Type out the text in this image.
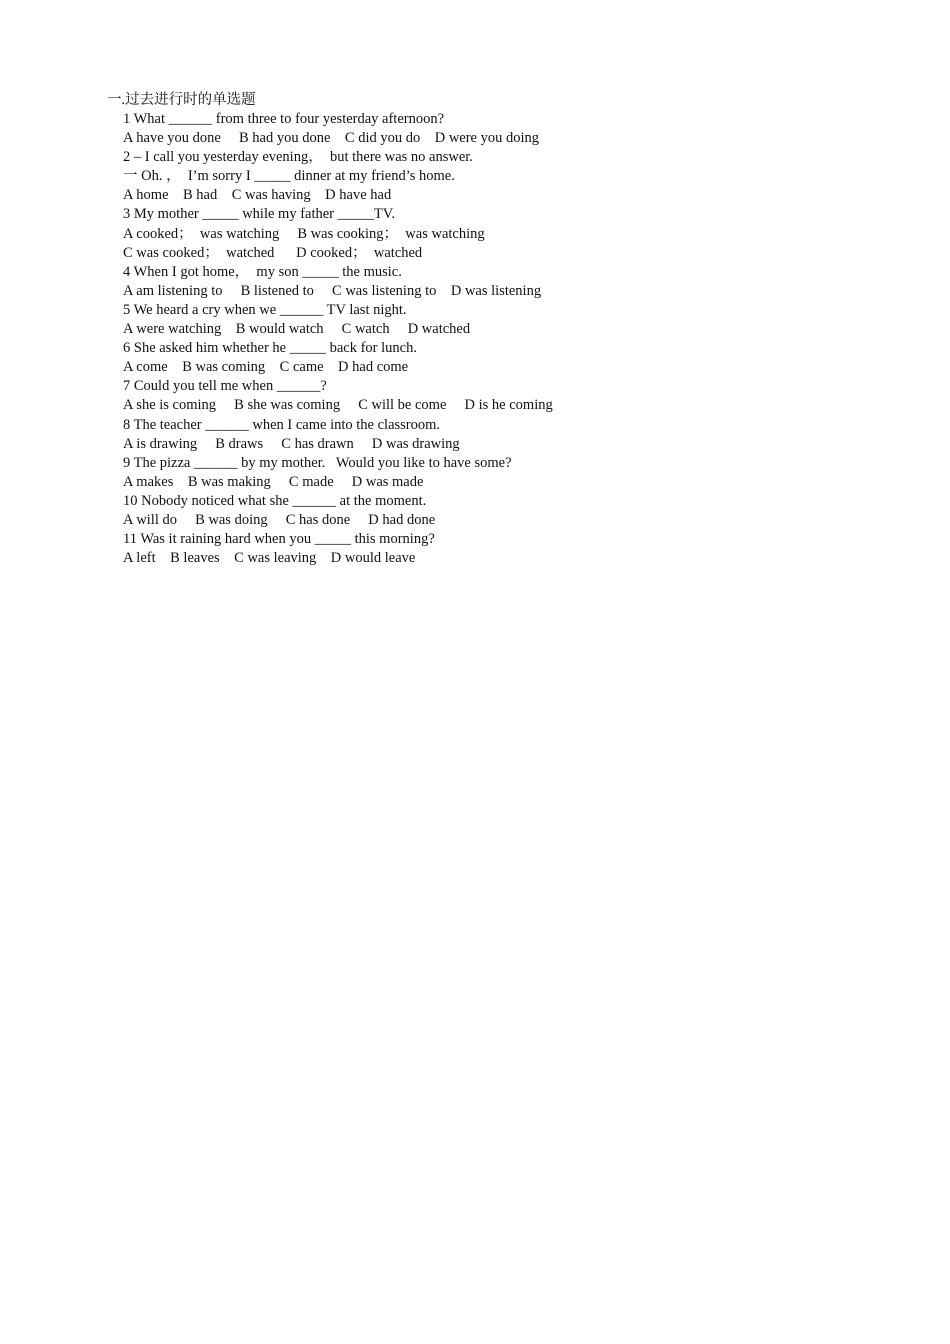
一.过去进行时的单选题
1 What ______ from three to four yesterday afternoon?
A have you done     B had you done    C did you do    D were you doing
2 – I call you yesterday evening，  but there was no answer.
一 Oh. ，  I’m sorry I _____ dinner at my friend’s home.
A home    B had    C was having    D have had
3 My mother _____ while my father _____TV.
A cooked；  was watching     B was cooking；  was watching
C was cooked；  watched      D cooked；  watched
4 When I got home，  my son _____ the music.
A am listening to     B listened to     C was listening to    D was listening
5 We heard a cry when we ______ TV last night.
A were watching    B would watch     C watch     D watched
6 She asked him whether he _____ back for lunch.
A come    B was coming    C came    D had come
7 Could you tell me when ______?
A she is coming     B she was coming     C will be come     D is he coming
8 The teacher ______ when I came into the classroom.
A is drawing     B draws     C has drawn     D was drawing
9 The pizza ______ by my mother.   Would you like to have some?
A makes    B was making     C made     D was made
10 Nobody noticed what she ______ at the moment.
A will do     B was doing     C has done     D had done
11 Was it raining hard when you _____ this morning?
A left    B leaves    C was leaving    D would leave
